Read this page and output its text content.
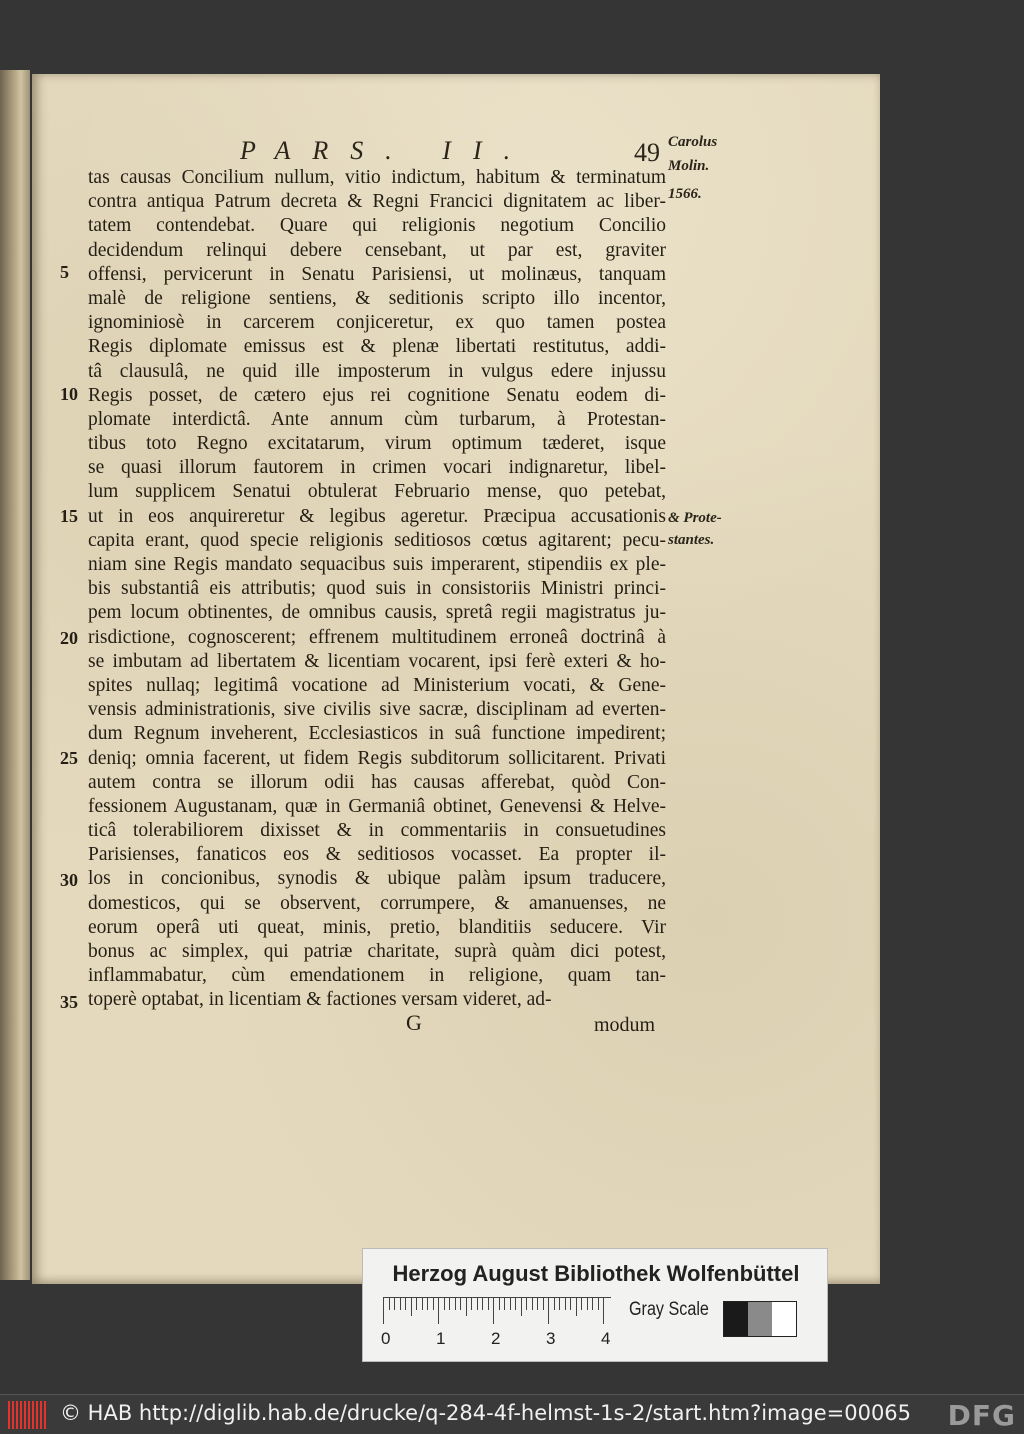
PARS. II.	49
5
10
15
20
25
30
35
tas causas Concilium nullum, vitio indictum, habitum & terminatum
contra antiqua Patrum decreta & Regni Francici dignitatem ac liber-
tatem contendebat. Quare qui religionis negotium Concilio
decidendum relinqui debere censebant, ut par est, graviter
offensi, pervicerunt in Senatu Parisiensi, ut molinæus, tanquam
malè de religione sentiens, & seditionis scripto illo incentor,
ignominiosè in carcerem conjiceretur, ex quo tamen postea
Regis diplomate emissus est & plenæ libertati restitutus, addi-
tâ clausulâ, ne quid ille imposterum in vulgus edere injussu
Regis posset, de cætero ejus rei cognitione Senatu eodem di-
plomate interdictâ. Ante annum cùm turbarum, à Protestan-
tibus toto Regno excitatarum, virum optimum tæderet, isque
se quasi illorum fautorem in crimen vocari indignaretur, libel-
lum supplicem Senatui obtulerat Februario mense, quo petebat,
ut in eos anquireretur & legibus ageretur. Præcipua accusationis
capita erant, quod specie religionis seditiosos cœtus agitarent; pecu-
niam sine Regis mandato sequacibus suis imperarent, stipendiis ex ple-
bis substantiâ eis attributis; quod suis in consistoriis Ministri princi-
pem locum obtinentes, de omnibus causis, spretâ regii magistratus ju-
risdictione, cognoscerent; effrenem multitudinem erroneâ doctrinâ à
se imbutam ad libertatem & licentiam vocarent, ipsi ferè exteri & ho-
spites nullaq; legitimâ vocatione ad Ministerium vocati, & Gene-
vensis administrationis, sive civilis sive sacræ, disciplinam ad everten-
dum Regnum inveherent, Ecclesiasticos in suâ functione impedirent;
deniq; omnia facerent, ut fidem Regis subditorum sollicitarent. Privati
autem contra se illorum odii has causas afferebat, quòd Con-
fessionem Augustanam, quæ in Germaniâ obtinet, Genevensi & Helve-
ticâ tolerabiliorem dixisset & in commentariis in consuetudines
Parisienses, fanaticos eos & seditiosos vocasset. Ea propter il-
los in concionibus, synodis & ubique palàm ipsum traducere,
domesticos, qui se observent, corrumpere, & amanuenses, ne
eorum operâ uti queat, minis, pretio, blanditiis seducere. Vir
bonus ac simplex, qui patriæ charitate, suprà quàm dici potest,
inflammabatur, cùm emendationem in religione, quam tan-
toperè optabat, in licentiam & factiones versam videret, ad-
Carolus
Molin.
1566.
& Prote-
stantes.
G	modum
Herzog August Bibliothek Wolfenbüttel
0	1	2	3	4
Gray Scale
© HAB http://diglib.hab.de/drucke/q-284-4f-helmst-1s-2/start.htm?image=00065 DFG
